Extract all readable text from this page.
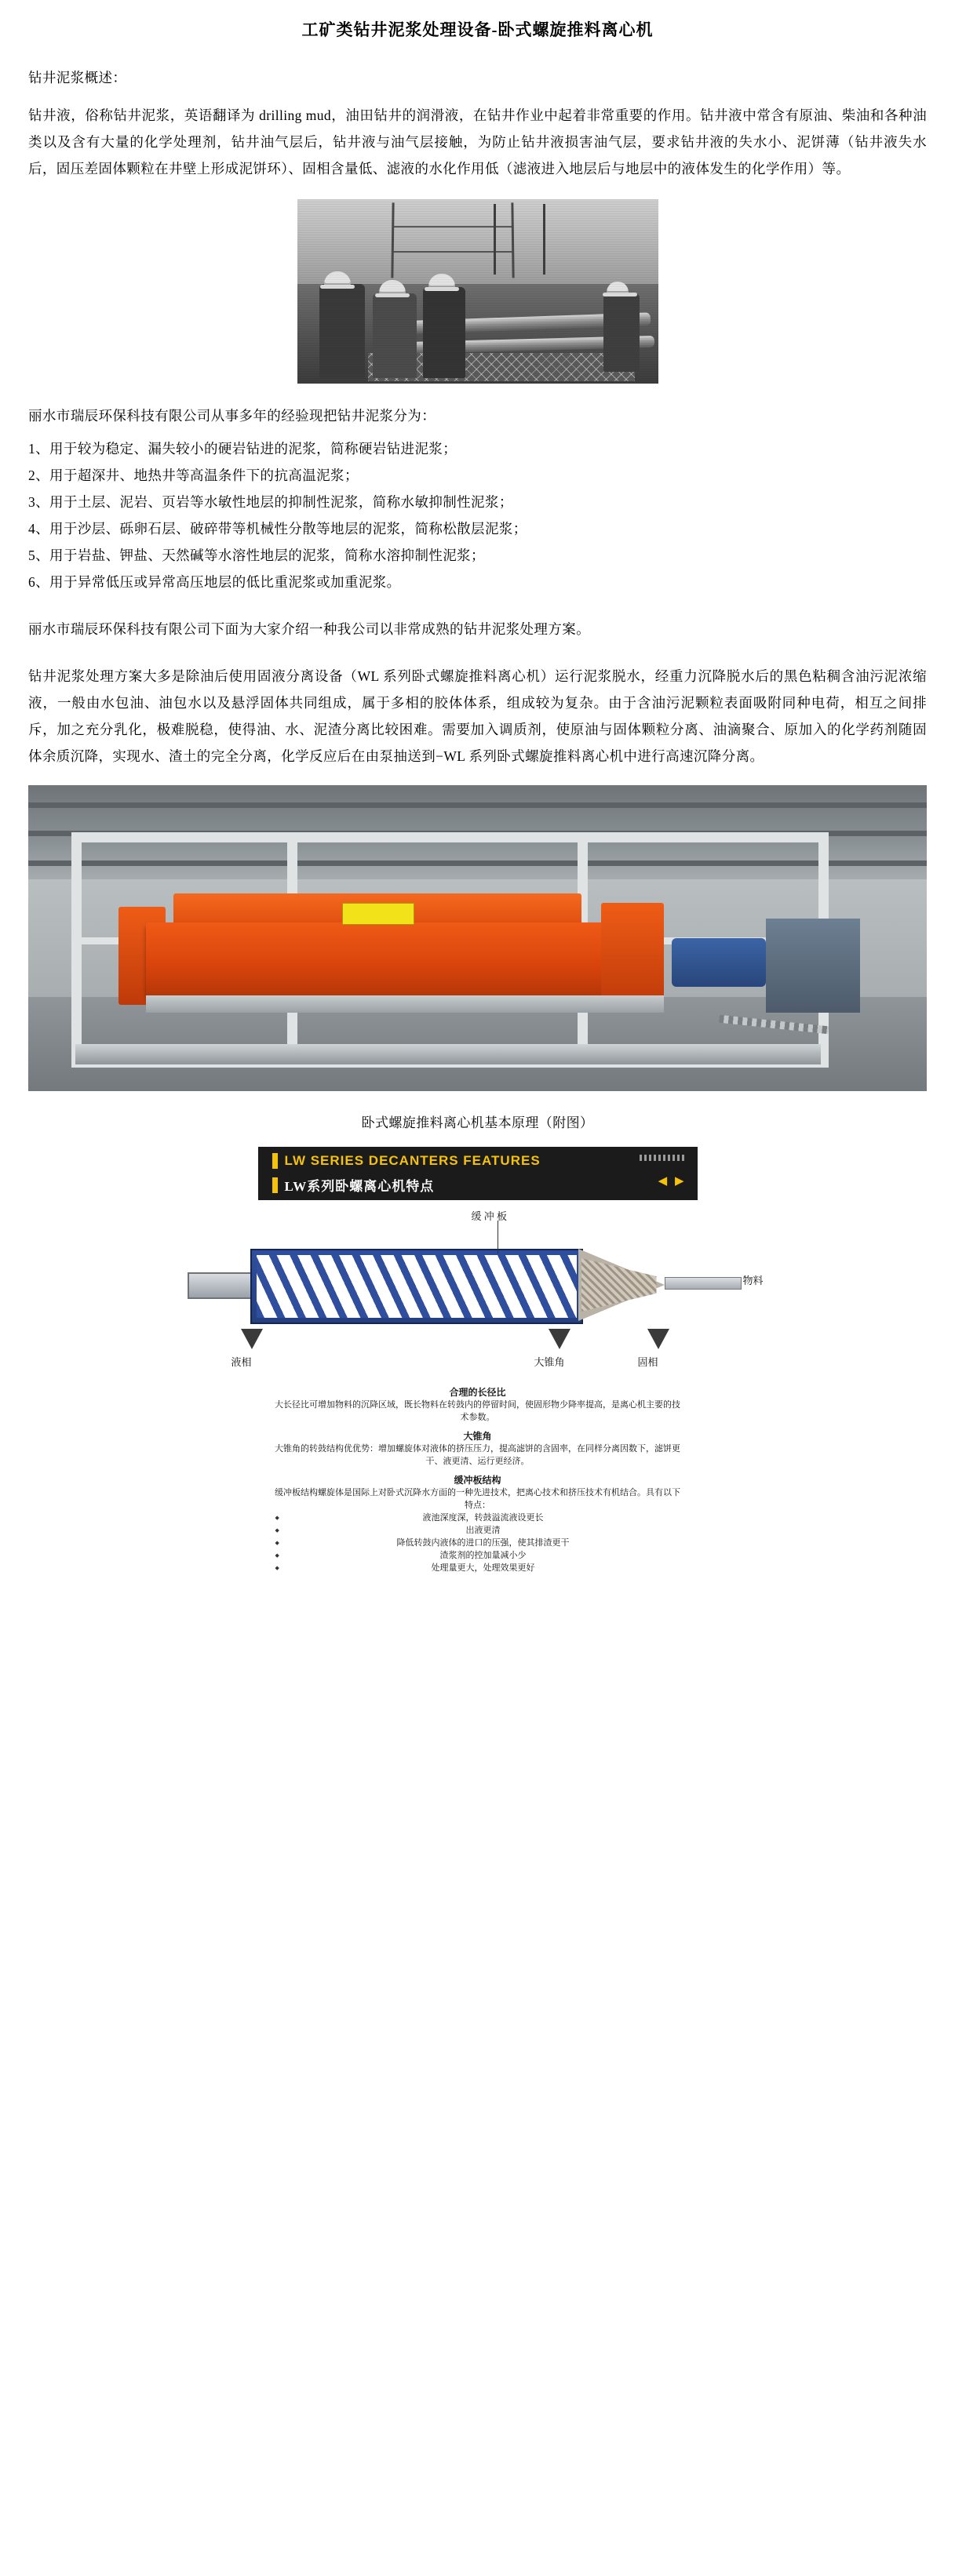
工矿类钻井泥浆处理设备-卧式螺旋推料离心机
钻井泥浆概述：

钻井液，俗称钻井泥浆，英语翻译为 drilling mud，油田钻井的润滑液，在钻井作业中起着非常重要的作用。钻井液中常含有原油、柴油和各种油类以及含有大量的化学处理剂，钻井油气层后，钻井液与油气层接触，为防止钻井液损害油气层，要求钻井液的失水小、泥饼薄（钻井液失水后，固压差固体颗粒在井壁上形成泥饼环）、固相含量低、滤液的水化作用低（滤液进入地层后与地层中的液体发生的化学作用）等。

丽水市瑞辰环保科技有限公司从事多年的经验现把钻井泥浆分为：

1、用于较为稳定、漏失较小的硬岩钻进的泥浆，简称硬岩钻进泥浆；

2、用于超深井、地热井等高温条件下的抗高温泥浆；

3、用于土层、泥岩、页岩等水敏性地层的抑制性泥浆，简称水敏抑制性泥浆；

4、用于沙层、砾卵石层、破碎带等机械性分散等地层的泥浆，简称松散层泥浆；

5、用于岩盐、钾盐、天然碱等水溶性地层的泥浆，简称水溶抑制性泥浆；

6、用于异常低压或异常高压地层的低比重泥浆或加重泥浆。

丽水市瑞辰环保科技有限公司下面为大家介绍一种我公司以非常成熟的钻井泥浆处理方案。

钻井泥浆处理方案大多是除油后使用固液分离设备（WL 系列卧式螺旋推料离心机）运行泥浆脱水，经重力沉降脱水后的黑色粘稠含油污泥浓缩液，一般由水包油、油包水以及悬浮固体共同组成，属于多相的胶体体系，组成较为复杂。由于含油污泥颗粒表面吸附同种电荷，相互之间排斥，加之充分乳化，极难脱稳，使得油、水、泥渣分离比较困难。需要加入调质剂，使原油与固体颗粒分离、油滴聚合、原加入的化学药剂随固体余质沉降，实现水、渣土的完全分离，化学反应后在由泵抽送到−WL 系列卧式螺旋推料离心机中进行高速沉降分离。

卧式螺旋推料离心机基本原理（附图）
LW SERIES DECANTERS FEATURES
LW系列卧螺离心机特点	◀ ▶
缓 冲 板
物料
液相	大锥角	固相
合理的长径比
大长径比可增加物料的沉降区域，既长物料在转鼓内的停留时间，使固形物少降率提高，是离心机主要的技术参数。
大锥角
大锥角的转鼓结构优优势：增加螺旋体对液体的挤压压力，提高滤饼的含固率，在同样分离因数下，滤饼更干、液更清、运行更经济。
缓冲板结构
缓冲板结构螺旋体是国际上对卧式沉降水方面的一种先进技术，把离心技术和挤压技术有机结合。具有以下特点：
◆ 液池深度深，转鼓溢流液设更长
◆ 出液更清
◆ 降低转鼓内液体的进口的压强，使其排渣更干
◆ 渣浆剂的控加量减小少
◆ 处理量更大，处理效果更好
